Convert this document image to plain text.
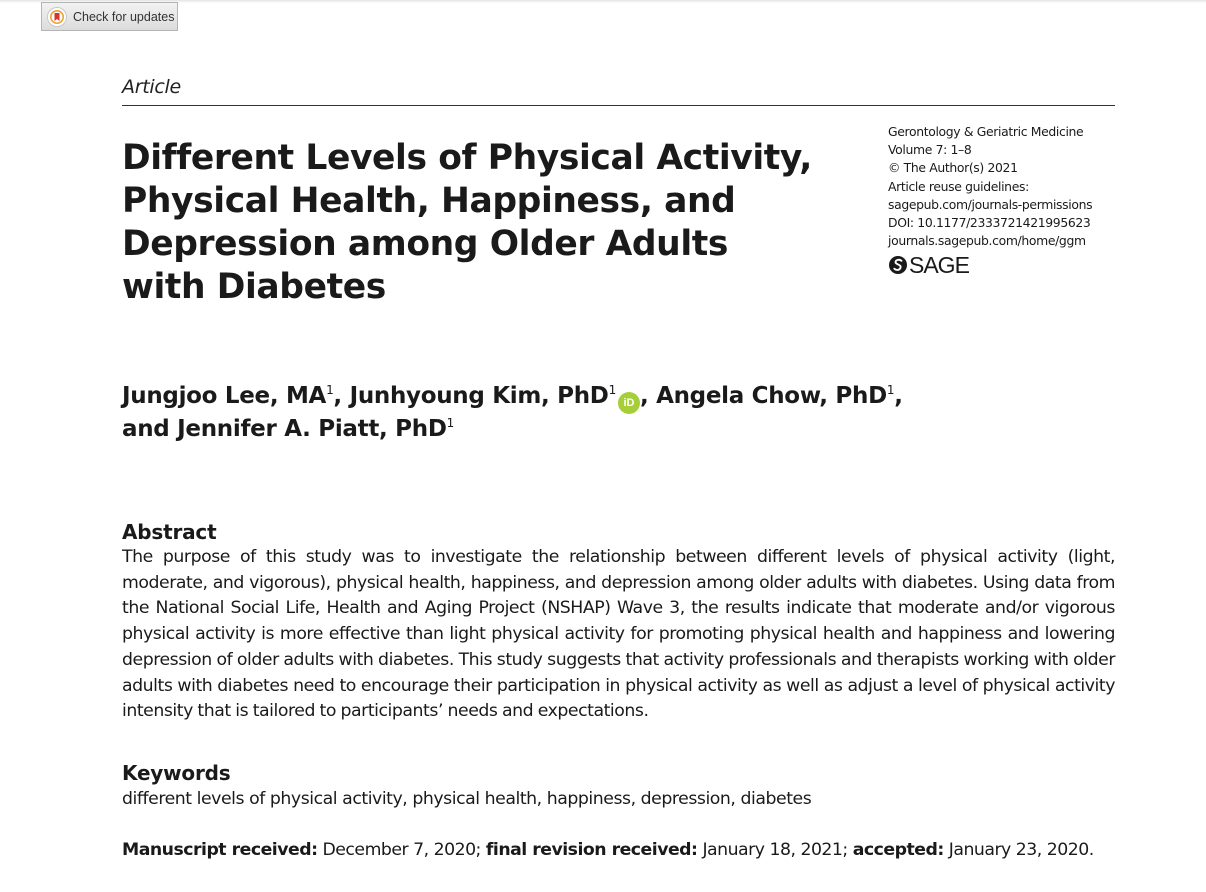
Check for updates
Article
Different Levels of Physical Activity, Physical Health, Happiness, and Depression among Older Adults with Diabetes
Gerontology & Geriatric Medicine
Volume 7: 1–8
© The Author(s) 2021
Article reuse guidelines:
sagepub.com/journals-permissions
DOI: 10.1177/2333721421995623
journals.sagepub.com/home/ggm
SAGE
Jungjoo Lee, $MA^1$, Junhyoung Kim, PhD$^1$iD , Angela Chow, PhD$^1$,
and Jennifer A. Piatt, PhD$^1$
Abstract

The purpose of this study was to investigate the relationship between different levels of physical activity (light, moderate, and vigorous), physical health, happiness, and depression among older adults with diabetes. Using data from the National Social Life, Health and Aging Project (NSHAP) Wave 3, the results indicate that moderate and/or vigorous physical activity is more effective than light physical activity for promoting physical health and happiness and lowering depression of older adults with diabetes. This study suggests that activity professionals and therapists working with older adults with diabetes need to encourage their participation in physical activity as well as adjust a level of physical activity intensity that is tailored to participants’ needs and expectations.

Keywords

different levels of physical activity, physical health, happiness, depression, diabetes

Manuscript received: December 7, 2020; final revision received: January 18, 2021; accepted: January 23, 2020.
